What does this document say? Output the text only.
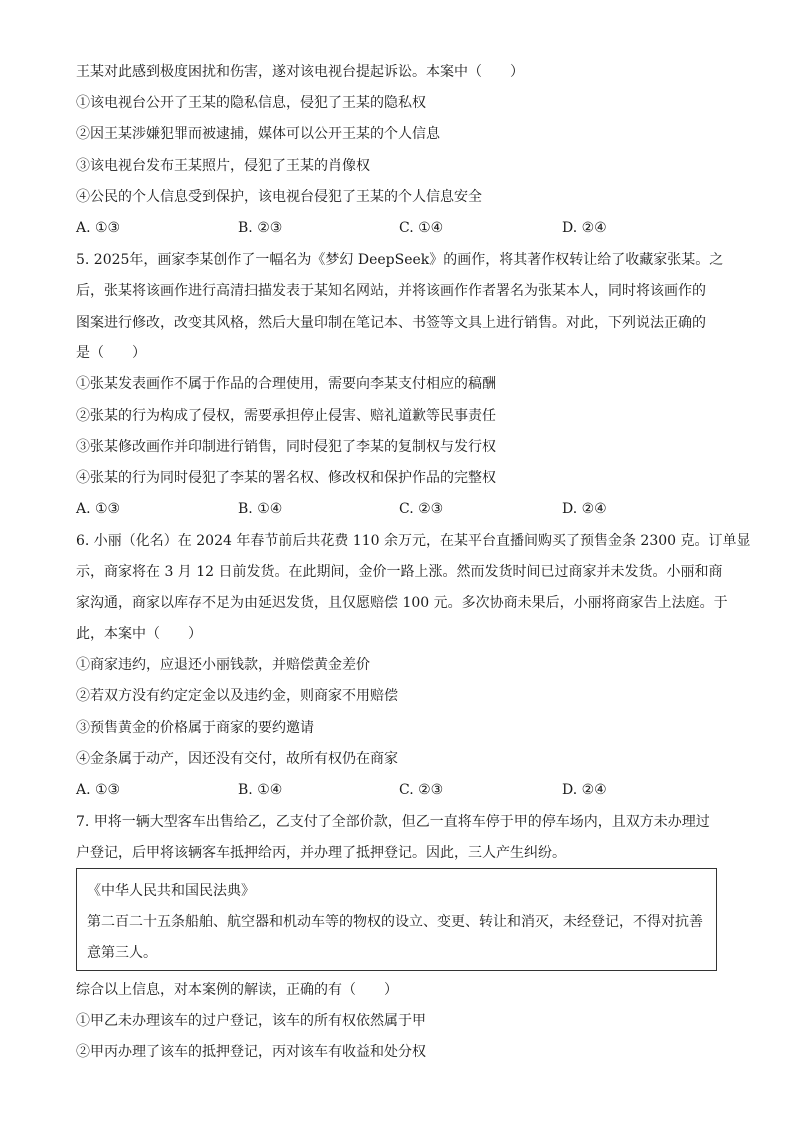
王某对此感到极度困扰和伤害，遂对该电视台提起诉讼。本案中（　　）
①该电视台公开了王某的隐私信息，侵犯了王某的隐私权
②因王某涉嫌犯罪而被逮捕，媒体可以公开王某的个人信息
③该电视台发布王某照片，侵犯了王某的肖像权
④公民的个人信息受到保护，该电视台侵犯了王某的个人信息安全
A. ①③	B. ②③	C. ①④	D. ②④
5. 2025年，画家李某创作了一幅名为《梦幻 DeepSeek》的画作，将其著作权转让给了收藏家张某。之
后，张某将该画作进行高清扫描发表于某知名网站，并将该画作作者署名为张某本人，同时将该画作的
图案进行修改，改变其风格，然后大量印制在笔记本、书签等文具上进行销售。对此，下列说法正确的
是（　　）
①张某发表画作不属于作品的合理使用，需要向李某支付相应的稿酬
②张某的行为构成了侵权，需要承担停止侵害、赔礼道歉等民事责任
③张某修改画作并印制进行销售，同时侵犯了李某的复制权与发行权
④张某的行为同时侵犯了李某的署名权、修改权和保护作品的完整权
A. ①③	B. ①④	C. ②③	D. ②④
6. 小丽（化名）在 2024 年春节前后共花费 110 余万元，在某平台直播间购买了预售金条 2300 克。订单显
示，商家将在 3 月 12 日前发货。在此期间，金价一路上涨。然而发货时间已过商家并未发货。小丽和商
家沟通，商家以库存不足为由延迟发货，且仅愿赔偿 100 元。多次协商未果后，小丽将商家告上法庭。于
此，本案中（　　）
①商家违约，应退还小丽钱款，并赔偿黄金差价
②若双方没有约定定金以及违约金，则商家不用赔偿
③预售黄金的价格属于商家的要约邀请
④金条属于动产，因还没有交付，故所有权仍在商家
A. ①③	B. ①④	C. ②③	D. ②④
7. 甲将一辆大型客车出售给乙，乙支付了全部价款，但乙一直将车停于甲的停车场内，且双方未办理过
户登记，后甲将该辆客车抵押给丙，并办理了抵押登记。因此，三人产生纠纷。
《中华人民共和国民法典》
第二百二十五条船舶、航空器和机动车等的物权的设立、变更、转让和消灭，未经登记，不得对抗善
意第三人。
综合以上信息，对本案例的解读，正确的有（　　）
①甲乙未办理该车的过户登记，该车的所有权依然属于甲
②甲丙办理了该车的抵押登记，丙对该车有收益和处分权
